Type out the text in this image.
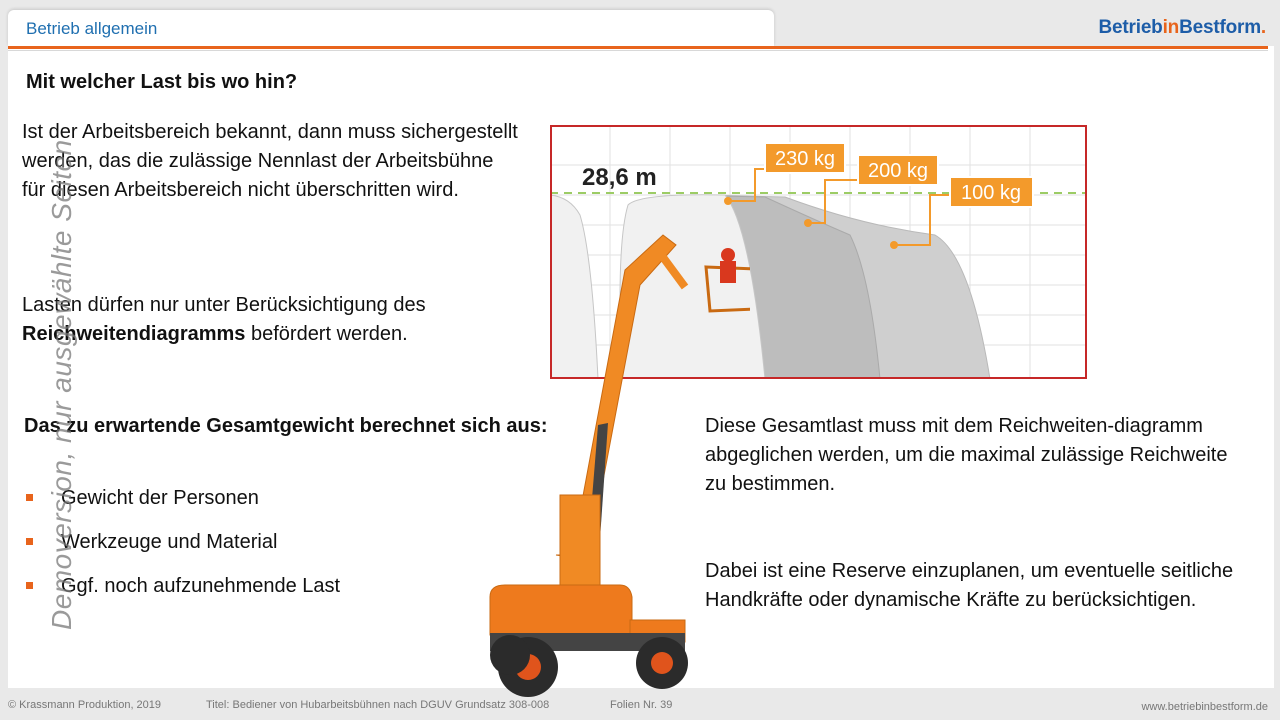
Betrieb allgemein	BetriebinBestform.
Mit welcher Last bis wo hin?
Ist der Arbeitsbereich bekannt, dann muss sichergestellt werden, das die zulässige Nennlast der Arbeitsbühne für diesen Arbeitsbereich nicht überschritten wird.
Lasten dürfen nur unter Berücksichtigung des Reichweitendiagramms befördert werden.
Das zu erwartende Gesamtgewicht berechnet sich aus:
Gewicht der Personen
Werkzeuge und Material
Ggf. noch aufzunehmende Last
28,6 m
230 kg
200 kg
100 kg
Diese Gesamtlast muss mit dem Reichweiten-diagramm abgeglichen werden, um die maximal zulässige Reichweite zu bestimmen.
Dabei ist eine Reserve einzuplanen, um eventuelle seitliche Handkräfte oder dynamische Kräfte zu berücksichtigen.
Demoversion, nur ausgewählte Seiten
© Krassmann Produktion, 2019	Titel: Bediener von Hubarbeitsbühnen nach DGUV Grundsatz 308-008	Folien Nr. 39	www.betriebinbestform.de
